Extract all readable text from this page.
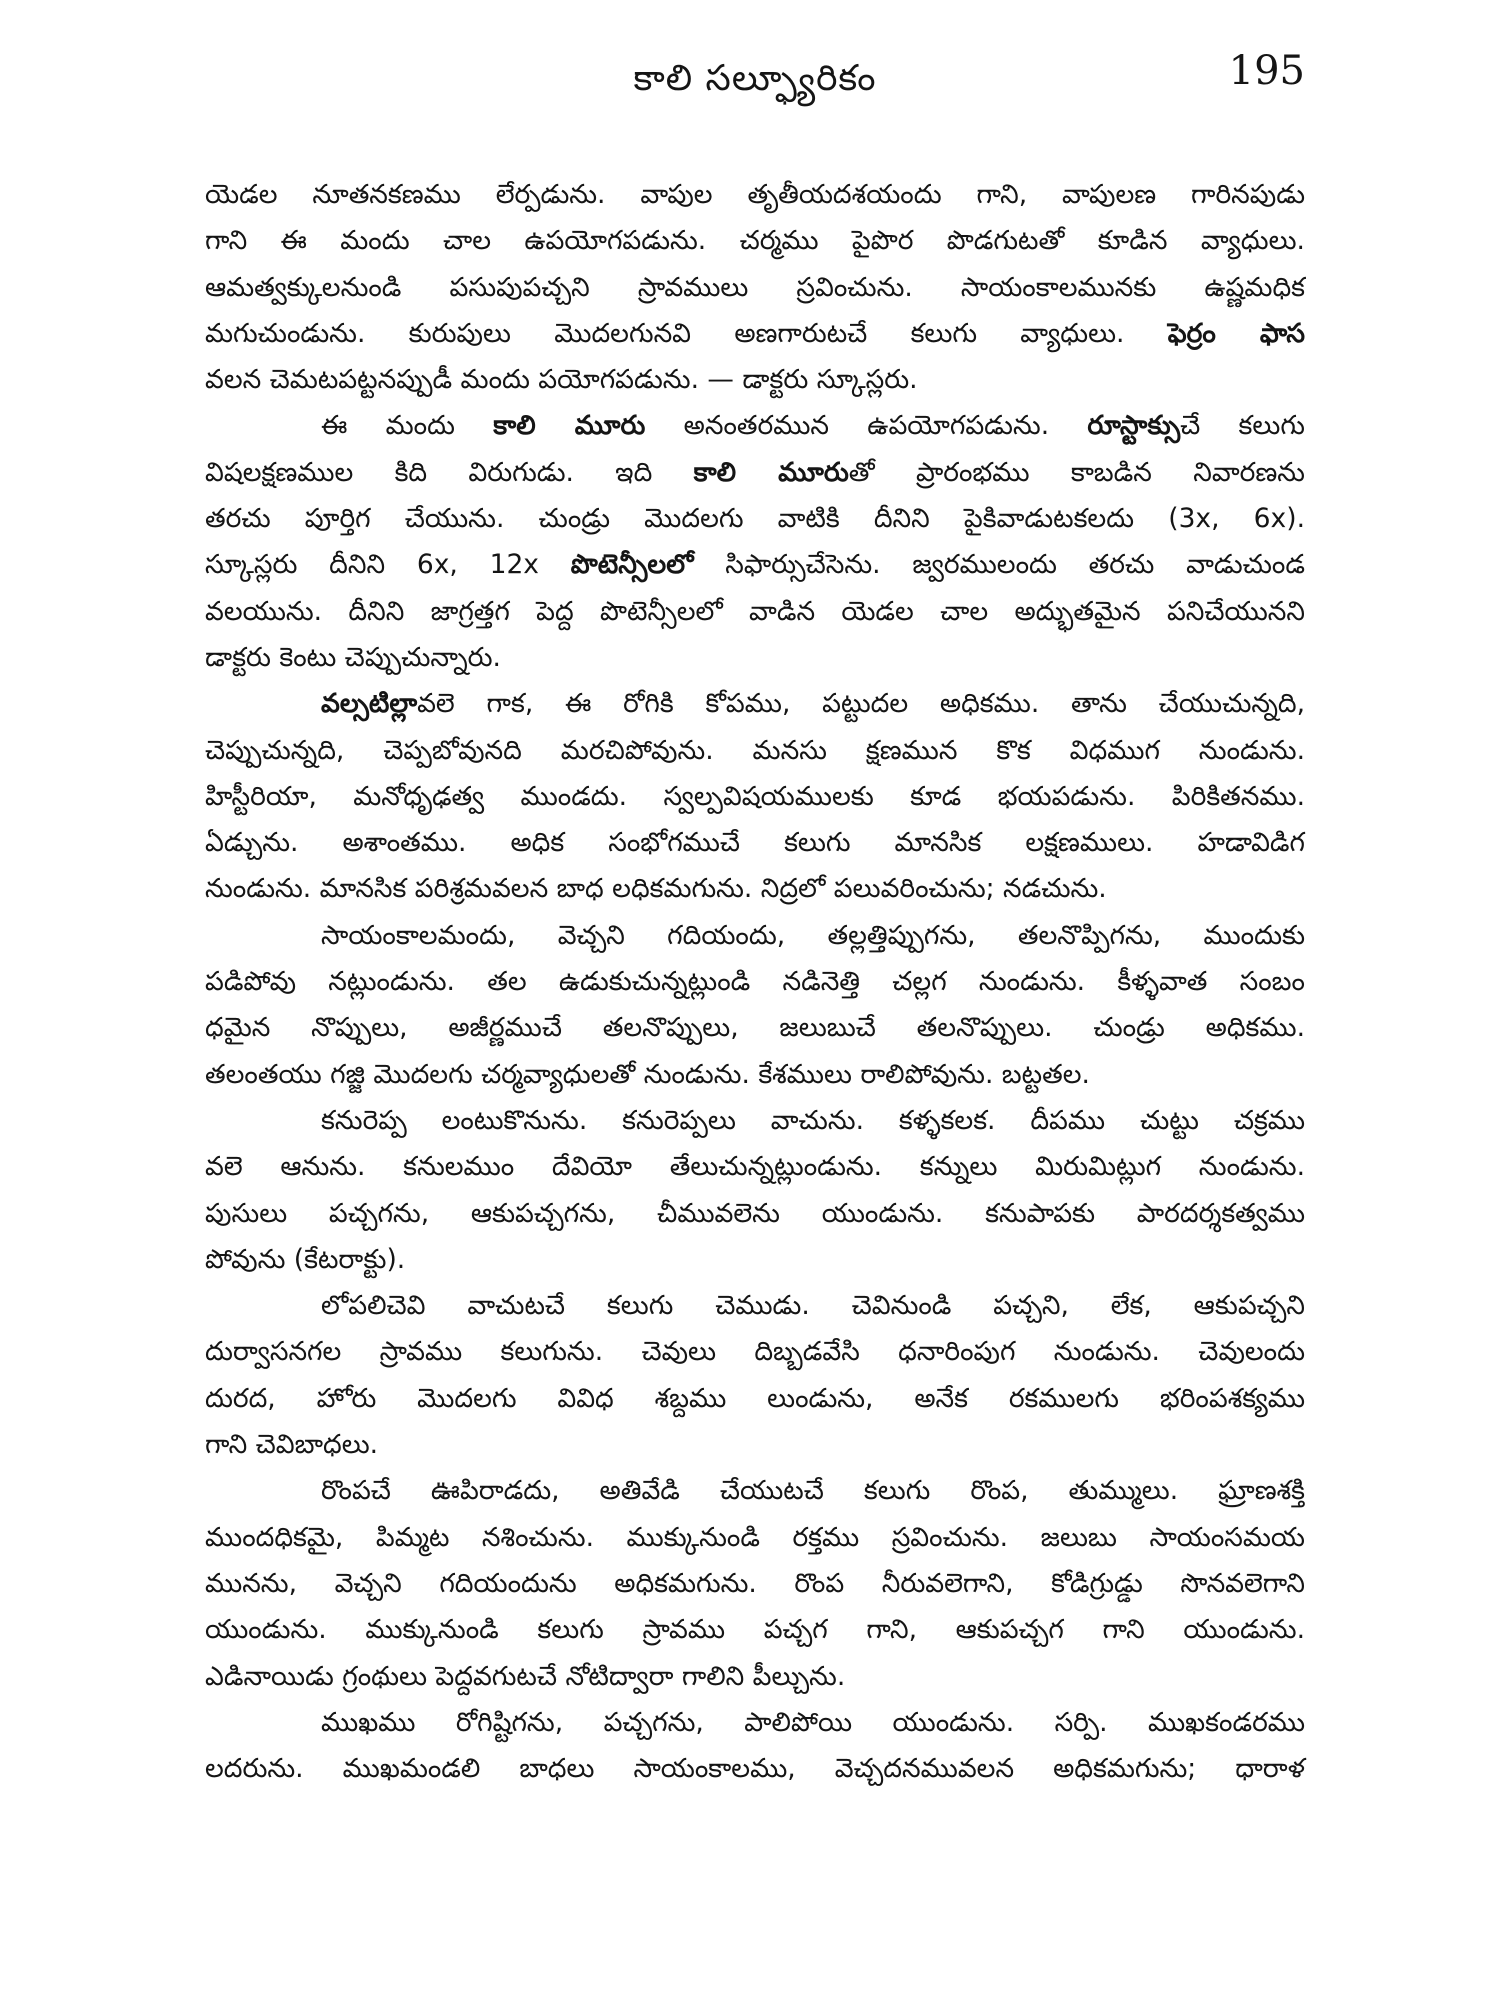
కాలి సల్ఫ్యూరికం	195

యెడల నూతనకణము లేర్పడును. వాపుల తృతీయదశయందు గాని, వాపులణ గారినపుడు

గాని ఈ మందు చాల ఉపయోగపడును. చర్మము పైపొర పొడగుటతో కూడిన వ్యాధులు.

ఆమత్వక్కులనుండి పసుపుపచ్చని స్రావములు స్రవించును. సాయంకాలమునకు ఉష్ణమధిక

మగుచుండును. కురుపులు మొదలగునవి అణగారుటచే కలుగు వ్యాధులు. ఫెర్రం ఫాస

వలన చెమటపట్టనప్పుడీ మందు పయోగపడును. — డాక్టరు స్కూస్లరు.

ఈ మందు కాలి మూరు అనంతరమున ఉపయోగపడును. రూస్టాక్సుచే కలుగు

విషలక్షణముల కిది విరుగుడు. ఇది కాలి మూరుతో ప్రారంభము కాబడిన నివారణను

తరచు పూర్తిగ చేయును. చుండ్రు మొదలగు వాటికి దీనిని పైకివాడుటకలదు (3x, 6x).

స్కూస్లరు దీనిని 6x, 12x పొటెన్సీలలో సిఫార్సుచేసెను. జ్వరములందు తరచు వాడుచుండ

వలయును. దీనిని జాగ్రత్తగ పెద్ద పొటెన్సీలలో వాడిన యెడల చాల అద్భుతమైన పనిచేయునని

డాక్టరు కెంటు చెప్పుచున్నారు.

వల్సటిల్లావలె గాక, ఈ రోగికి కోపము, పట్టుదల అధికము. తాను చేయుచున్నది,

చెప్పుచున్నది, చెప్పబోవునది మరచిపోవును. మనసు క్షణమున కొక విధముగ నుండును.

హిస్టీరియా, మనోధృఢత్వ ముండదు. స్వల్పవిషయములకు కూడ భయపడును. పిరికితనము.

ఏడ్చును. అశాంతము. అధిక సంభోగముచే కలుగు మానసిక లక్షణములు. హడావిడిగ

నుండును. మానసిక పరిశ్రమవలన బాధ లధికమగును. నిద్రలో పలువరించును; నడచును.

సాయంకాలమందు, వెచ్చని గదియందు, తల్లత్తిప్పుగను, తలనొప్పిగను, ముందుకు

పడిపోవు నట్లుండును. తల ఉడుకుచున్నట్లుండి నడినెత్తి చల్లగ నుండును. కీళ్ళవాత సంబం

ధమైన నొప్పులు, అజీర్ణముచే తలనొప్పులు, జలుబుచే తలనొప్పులు. చుండ్రు అధికము.

తలంతయు గజ్జి మొదలగు చర్మవ్యాధులతో నుండును. కేశములు రాలిపోవును. బట్టతల.

కనురెప్ప లంటుకొనును. కనురెప్పలు వాచును. కళ్ళకలక. దీపము చుట్టు చక్రము

వలె ఆనును. కనులముం దేవియో తేలుచున్నట్లుండును. కన్నులు మిరుమిట్లుగ నుండును.

పుసులు పచ్చగను, ఆకుపచ్చగను, చీమువలెను యుండును. కనుపాపకు పారదర్శకత్వము

పోవును (కేటరాక్టు).

లోపలిచెవి వాచుటచే కలుగు చెముడు. చెవినుండి పచ్చని, లేక, ఆకుపచ్చని

దుర్వాసనగల స్రావము కలుగును. చెవులు దిబ్బడవేసి ధనారింపుగ నుండును. చెవులందు

దురద, హోరు మొదలగు వివిధ శబ్దము లుండును, అనేక రకములగు భరింపశక్యము

గాని చెవిబాధలు.

రొంపచే ఊపిరాడదు, అతివేడి చేయుటచే కలుగు రొంప, తుమ్ములు. ఘ్రాణశక్తి

ముందధికమై, పిమ్మట నశించును. ముక్కునుండి రక్తము స్రవించును. జలుబు సాయంసమయ

మునను, వెచ్చని గదియందును అధికమగును. రొంప నీరువలెగాని, కోడిగ్రుడ్డు సొనవలెగాని

యుండును. ముక్కునుండి కలుగు స్రావము పచ్చగ గాని, ఆకుపచ్చగ గాని యుండును.

ఎడినాయిడు గ్రంథులు పెద్దవగుటచే నోటిద్వారా గాలిని పీల్చును.

ముఖము రోగిష్టిగను, పచ్చగను, పాలిపోయి యుండును. సర్పి. ముఖకండరము

లదరును. ముఖమండలి బాధలు సాయంకాలము, వెచ్చదనమువలన అధికమగును; ధారాళ
